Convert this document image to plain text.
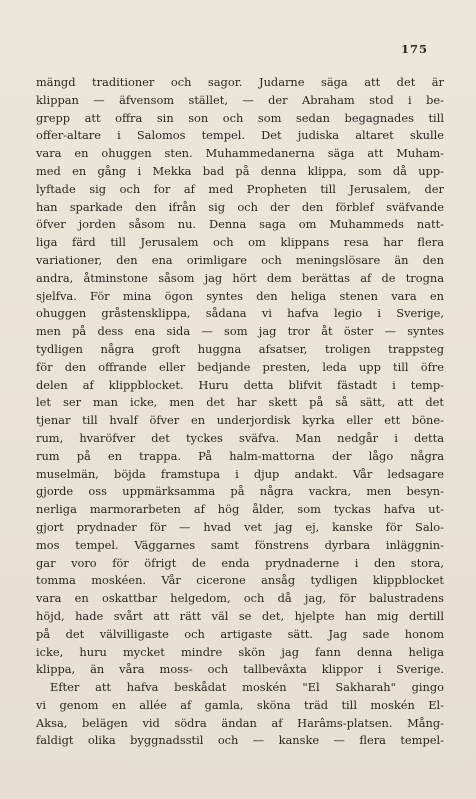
175
mängd traditioner och sagor. Judarne säga att det är
klippan — äfvensom stället, — der Abraham stod i be-
grepp att offra sin son och som sedan begagnades till
offer-altare i Salomos tempel. Det judiska altaret skulle
vara en ohuggen sten. Muhammedanerna säga att Muham-
med en gång i Mekka bad på denna klippa, som då upp-
lyftade sig och for af med Propheten till Jerusalem, der
han sparkade den ifrån sig och der den förblef sväfvande
öfver jorden såsom nu. Denna saga om Muhammeds natt-
liga färd till Jerusalem och om klippans resa har flera
variationer, den ena orimligare och meningslösare än den
andra, åtminstone såsom jag hört dem berättas af de trogna
sjelfva. För mina ögon syntes den heliga stenen vara en
ohuggen gråstensklippa, sådana vi hafva legio i Sverige,
men på dess ena sida — som jag tror åt öster — syntes
tydligen några groft huggna afsatser, troligen trappsteg
för den offrande eller bedjande presten, leda upp till öfre
delen af klippblocket. Huru detta blifvit fästadt i temp-
let ser man icke, men det har skett på så sätt, att det
tjenar till hvalf öfver en underjordisk kyrka eller ett böne-
rum, hvaröfver det tyckes sväfva. Man nedgår i detta
rum på en trappa. På halm-mattorna der lågo några
muselmän, böjda framstupa i djup andakt. Vår ledsagare
gjorde oss uppmärksamma på några vackra, men besyn-
nerliga marmorarbeten af hög ålder, som tyckas hafva ut-
gjort prydnader för — hvad vet jag ej, kanske för Salo-
mos tempel. Väggarnes samt fönstrens dyrbara inläggnin-
gar voro för öfrigt de enda prydnaderne i den stora,
tomma moskéen. Vår cicerone ansåg tydligen klippblocket
vara en oskattbar helgedom, och då jag, för balustradens
höjd, hade svårt att rätt väl se det, hjelpte han mig dertill
på det välvilligaste och artigaste sätt. Jag sade honom
icke, huru mycket mindre skön jag fann denna heliga
klippa, än våra moss- och tallbevâxta klippor i Sverige.
Efter att hafva beskådat moskén "El Sakharah" gingo
vi genom en allée af gamla, sköna träd till moskén El-
Aksa, belägen vid södra ändan af Harâms-platsen. Mång-
faldigt olika byggnadsstil och — kanske — flera tempel-
